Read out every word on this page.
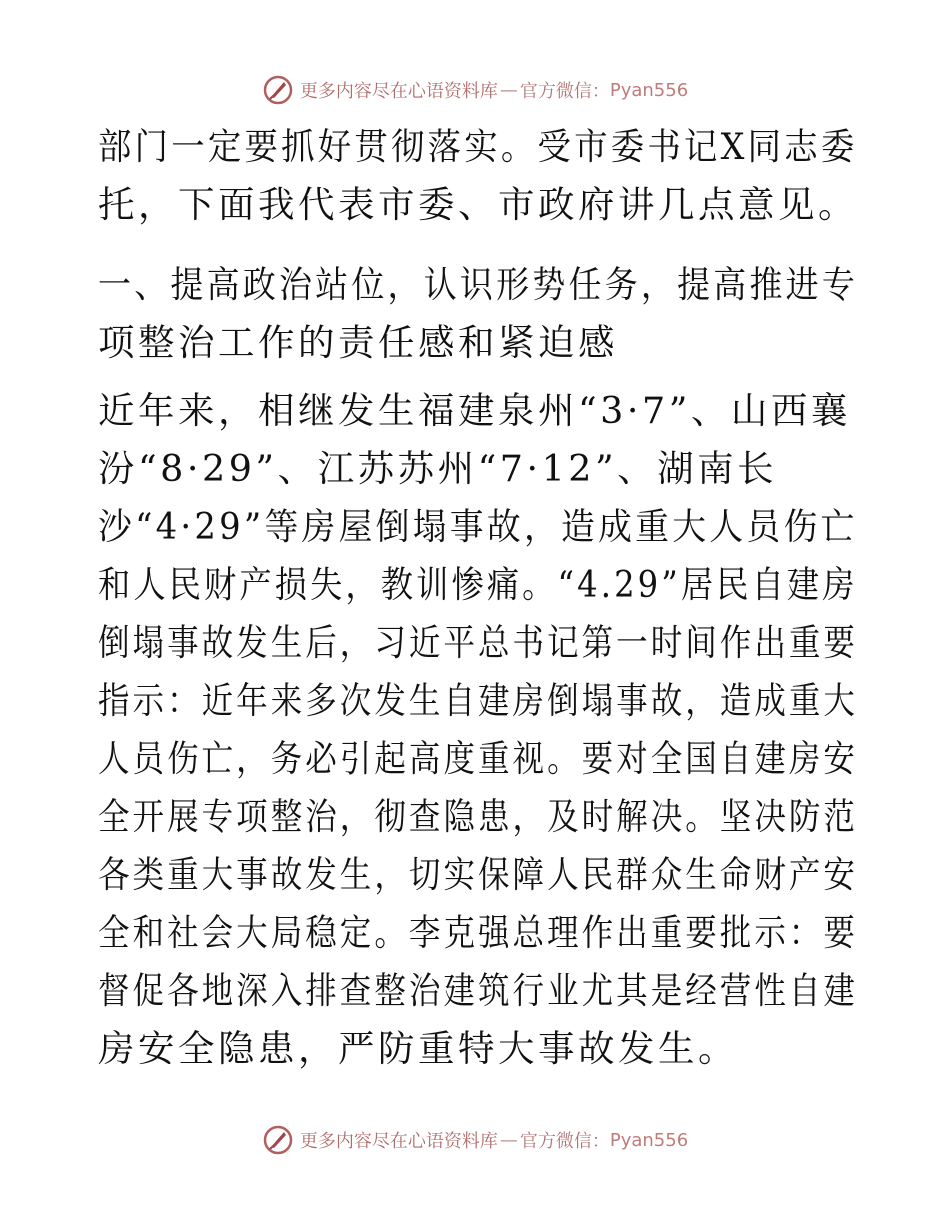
更多内容尽在心语资料库 — 官方微信： Pyan556
部门一定要抓好贯彻落实。受市委书记X同志委
托，下面我代表市委、市政府讲几点意见。
一、提高政治站位，认识形势任务，提高推进专
项整治工作的责任感和紧迫感
近年来，相继发生福建泉州“3·7”、山西襄
汾“8·29”、江苏苏州“7·12”、湖南长
沙“4·29”等房屋倒塌事故，造成重大人员伤亡
和人民财产损失，教训惨痛。“4.29”居民自建房
倒塌事故发生后，习近平总书记第一时间作出重要
指示：近年来多次发生自建房倒塌事故，造成重大
人员伤亡，务必引起高度重视。要对全国自建房安
全开展专项整治，彻查隐患，及时解决。坚决防范
各类重大事故发生，切实保障人民群众生命财产安
全和社会大局稳定。李克强总理作出重要批示：要
督促各地深入排查整治建筑行业尤其是经营性自建
房安全隐患，严防重特大事故发生。
更多内容尽在心语资料库 — 官方微信： Pyan556
